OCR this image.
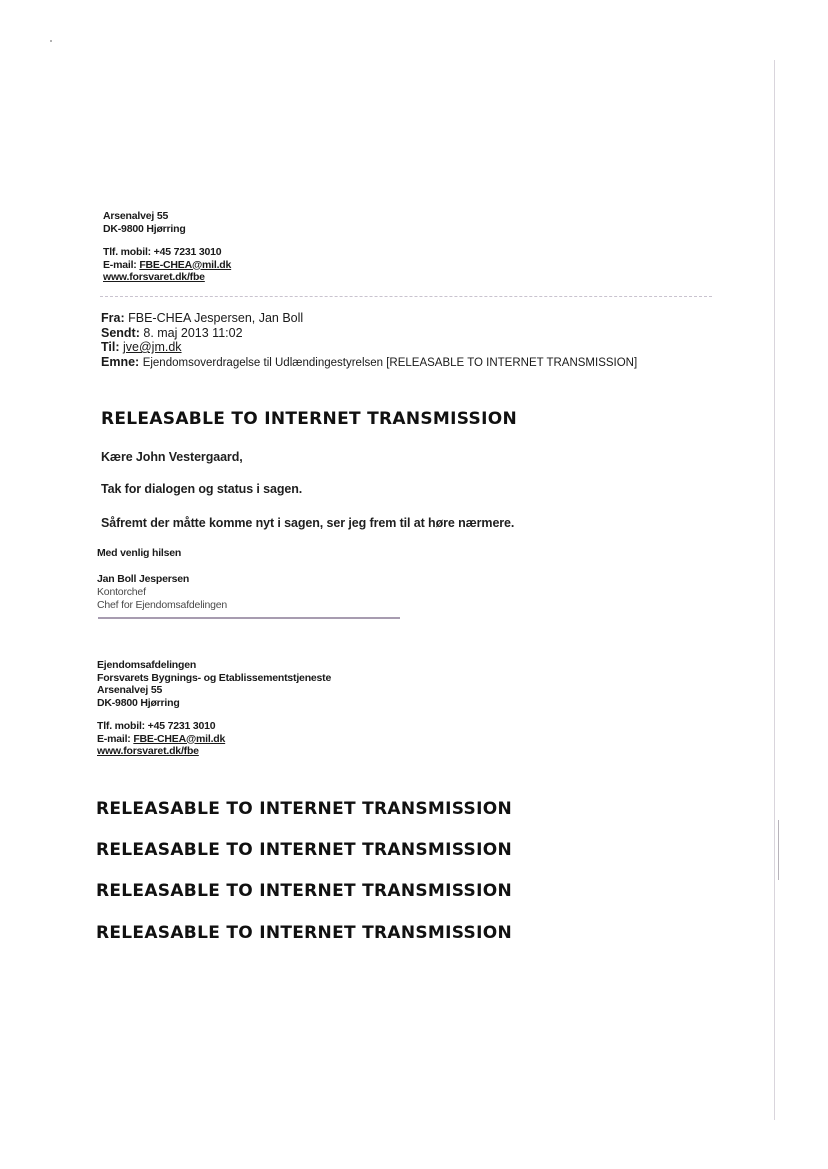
Arsenalvej 55
DK-9800 Hjørring
Tlf. mobil: +45 7231 3010
E-mail: FBE-CHEA@mil.dk
www.forsvaret.dk/fbe
Fra: FBE-CHEA Jespersen, Jan Boll
Sendt: 8. maj 2013 11:02
Til: jve@jm.dk
Emne: Ejendomsoverdragelse til Udlændingestyrelsen [RELEASABLE TO INTERNET TRANSMISSION]
RELEASABLE TO INTERNET TRANSMISSION
Kære John Vestergaard,
Tak for dialogen og status i sagen.
Såfremt der måtte komme nyt i sagen, ser jeg frem til at høre nærmere.
Med venlig hilsen
Jan Boll Jespersen
Kontorchef
Chef for Ejendomsafdelingen
Ejendomsafdelingen
Forsvarets Bygnings- og Etablissementstjeneste
Arsenalvej 55
DK-9800 Hjørring
Tlf. mobil: +45 7231 3010
E-mail: FBE-CHEA@mil.dk
www.forsvaret.dk/fbe
RELEASABLE TO INTERNET TRANSMISSION
RELEASABLE TO INTERNET TRANSMISSION
RELEASABLE TO INTERNET TRANSMISSION
RELEASABLE TO INTERNET TRANSMISSION
